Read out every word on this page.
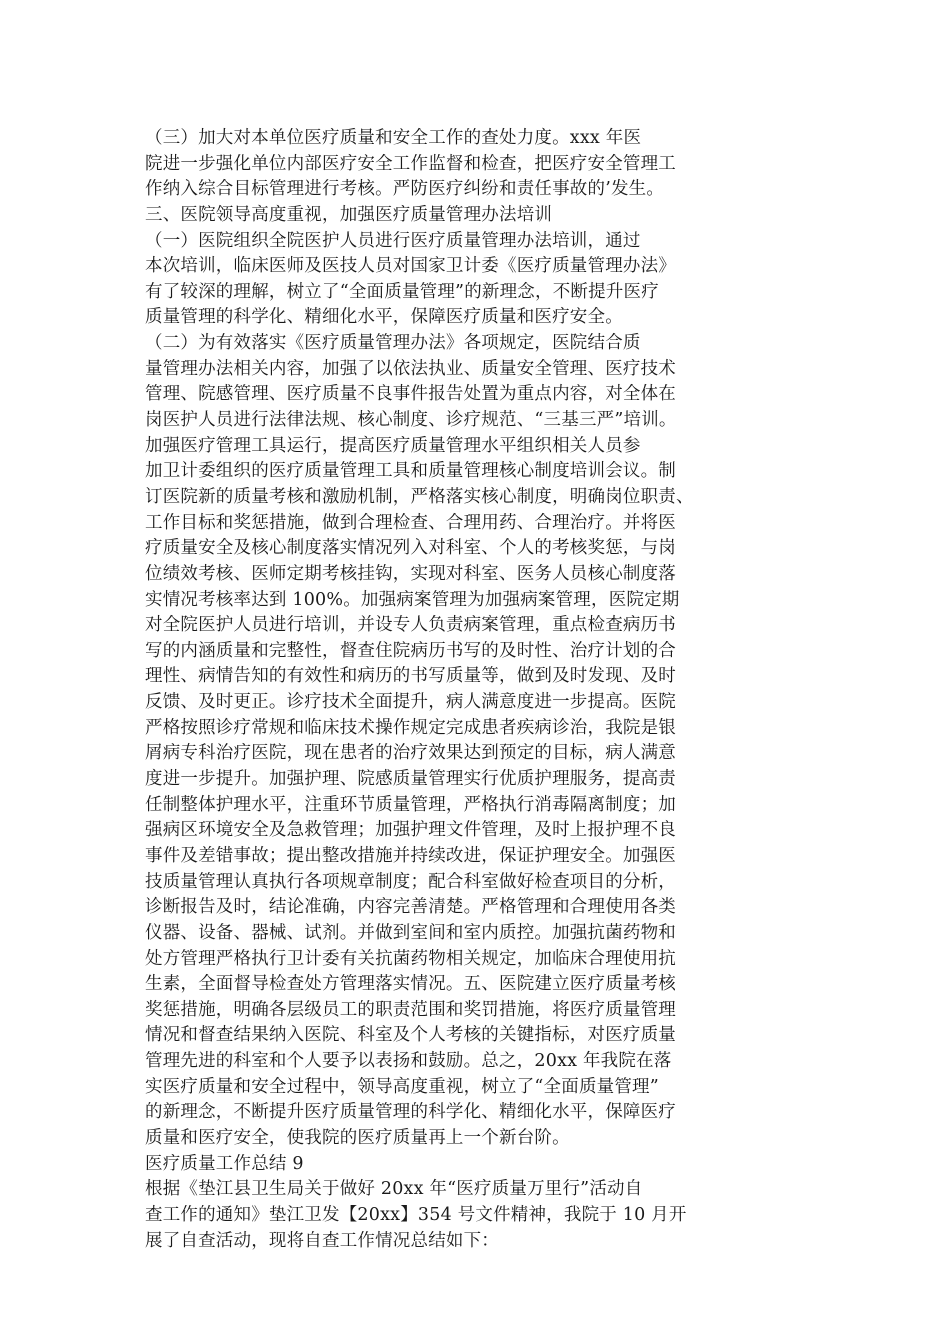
（三）加大对本单位医疗质量和安全工作的查处力度。xxx 年医
院进一步强化单位内部医疗安全工作监督和检查，把医疗安全管理工
作纳入综合目标管理进行考核。严防医疗纠纷和责任事故的’发生。
三、医院领导高度重视，加强医疗质量管理办法培训
（一）医院组织全院医护人员进行医疗质量管理办法培训，通过
本次培训，临床医师及医技人员对国家卫计委《医疗质量管理办法》
有了较深的理解，树立了“全面质量管理”的新理念，不断提升医疗
质量管理的科学化、精细化水平，保障医疗质量和医疗安全。
（二）为有效落实《医疗质量管理办法》各项规定，医院结合质
量管理办法相关内容，加强了以依法执业、质量安全管理、医疗技术
管理、院感管理、医疗质量不良事件报告处置为重点内容，对全体在
岗医护人员进行法律法规、核心制度、诊疗规范、“三基三严”培训。
加强医疗管理工具运行，提高医疗质量管理水平组织相关人员参
加卫计委组织的医疗质量管理工具和质量管理核心制度培训会议。制
订医院新的质量考核和激励机制，严格落实核心制度，明确岗位职责、
工作目标和奖惩措施，做到合理检查、合理用药、合理治疗。并将医
疗质量安全及核心制度落实情况列入对科室、个人的考核奖惩，与岗
位绩效考核、医师定期考核挂钩，实现对科室、医务人员核心制度落
实情况考核率达到 100%。加强病案管理为加强病案管理，医院定期
对全院医护人员进行培训，并设专人负责病案管理，重点检查病历书
写的内涵质量和完整性，督查住院病历书写的及时性、治疗计划的合
理性、病情告知的有效性和病历的书写质量等，做到及时发现、及时
反馈、及时更正。诊疗技术全面提升，病人满意度进一步提高。医院
严格按照诊疗常规和临床技术操作规定完成患者疾病诊治，我院是银
屑病专科治疗医院，现在患者的治疗效果达到预定的目标，病人满意
度进一步提升。加强护理、院感质量管理实行优质护理服务，提高责
任制整体护理水平，注重环节质量管理，严格执行消毒隔离制度；加
强病区环境安全及急救管理；加强护理文件管理，及时上报护理不良
事件及差错事故；提出整改措施并持续改进，保证护理安全。加强医
技质量管理认真执行各项规章制度；配合科室做好检查项目的分析，
诊断报告及时，结论准确，内容完善清楚。严格管理和合理使用各类
仪器、设备、器械、试剂。并做到室间和室内质控。加强抗菌药物和
处方管理严格执行卫计委有关抗菌药物相关规定，加临床合理使用抗
生素，全面督导检查处方管理落实情况。五、医院建立医疗质量考核
奖惩措施，明确各层级员工的职责范围和奖罚措施，将医疗质量管理
情况和督查结果纳入医院、科室及个人考核的关键指标，对医疗质量
管理先进的科室和个人要予以表扬和鼓励。总之，20xx 年我院在落
实医疗质量和安全过程中，领导高度重视，树立了“全面质量管理”
的新理念，不断提升医疗质量管理的科学化、精细化水平，保障医疗
质量和医疗安全，使我院的医疗质量再上一个新台阶。
医疗质量工作总结 9
根据《垫江县卫生局关于做好 20xx 年“医疗质量万里行”活动自
查工作的通知》垫江卫发【20xx】354 号文件精神，我院于 10 月开
展了自查活动，现将自查工作情况总结如下：
